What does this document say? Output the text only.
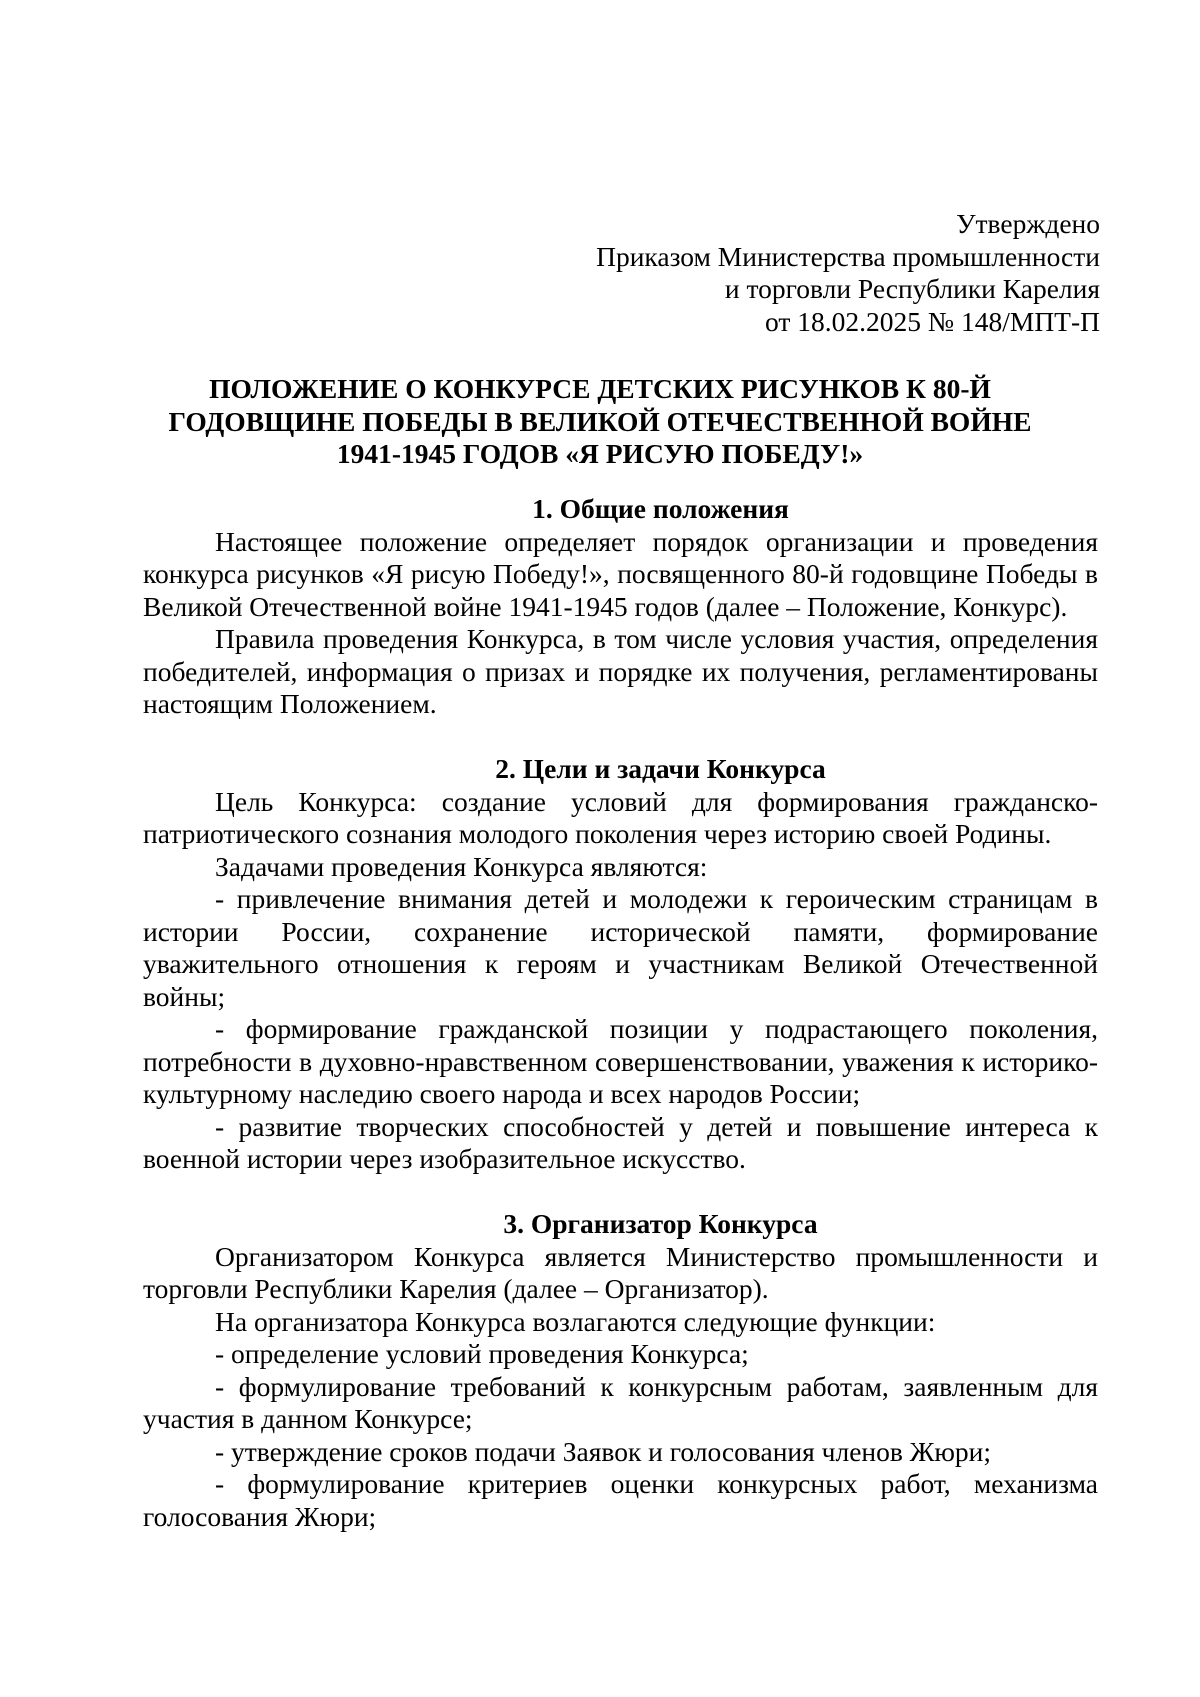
Утверждено
Приказом Министерства промышленности
и торговли Республики Карелия
от 18.02.2025 № 148/МПТ-П
ПОЛОЖЕНИЕ О КОНКУРСЕ ДЕТСКИХ РИСУНКОВ К 80-Й
ГОДОВЩИНЕ ПОБЕДЫ В ВЕЛИКОЙ ОТЕЧЕСТВЕННОЙ ВОЙНЕ
1941-1945 ГОДОВ «Я РИСУЮ ПОБЕДУ!»

1. Общие положения

Настоящее положение определяет порядок организации и проведения конкурса рисунков «Я рисую Победу!», посвященного 80-й годовщине Победы в Великой Отечественной войне 1941-1945 годов (далее – Положение, Конкурс).

Правила проведения Конкурса, в том числе условия участия, определения победителей, информация о призах и порядке их получения, регламентированы настоящим Положением.

2. Цели и задачи Конкурса

Цель Конкурса: создание условий для формирования гражданско-патриотического сознания молодого поколения через историю своей Родины.

Задачами проведения Конкурса являются:

- привлечение внимания детей и молодежи к героическим страницам в истории России, сохранение исторической памяти, формирование уважительного отношения к героям и участникам Великой Отечественной войны;

- формирование гражданской позиции у подрастающего поколения, потребности в духовно-нравственном совершенствовании, уважения к историко-культурному наследию своего народа и всех народов России;

- развитие творческих способностей у детей и повышение интереса к военной истории через изобразительное искусство.

3. Организатор Конкурса

Организатором Конкурса является Министерство промышленности и торговли Республики Карелия (далее – Организатор).

На организатора Конкурса возлагаются следующие функции:

- определение условий проведения Конкурса;

- формулирование требований к конкурсным работам, заявленным для участия в данном Конкурсе;

- утверждение сроков подачи Заявок и голосования членов Жюри;

- формулирование критериев оценки конкурсных работ, механизма голосования Жюри;
